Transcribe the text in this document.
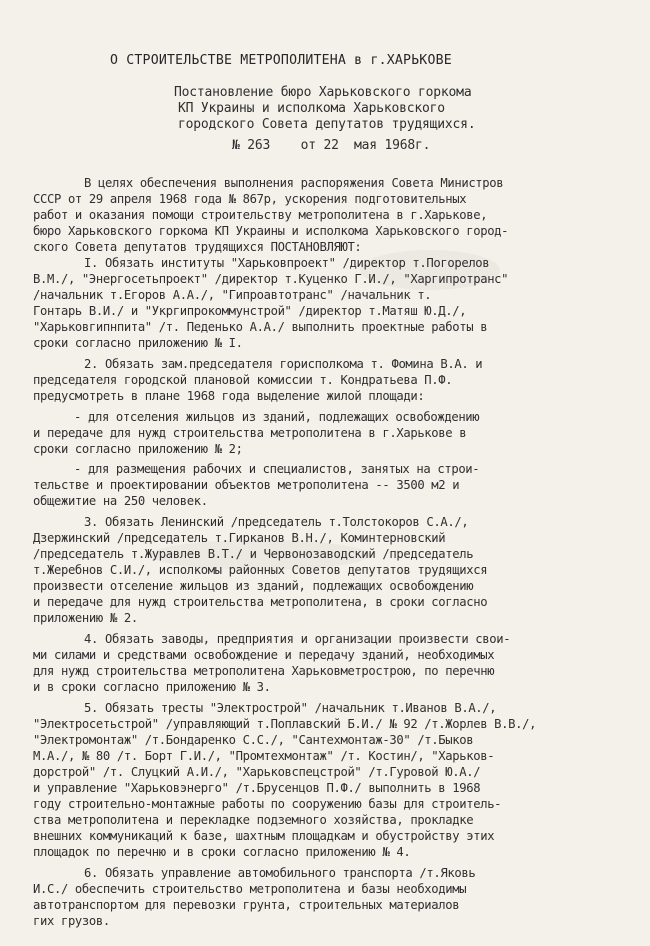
О СТРОИТЕЛЬСТВЕ МЕТРОПОЛИТЕНА в г.ХАРЬКОВЕ
Постановление бюро Харьковского горкома
КП Украины и исполкома Харьковского
городского Совета депутатов трудящихся.
№ 263    от 22  мая 1968г.
В целях обеспечения выполнения распоряжения Совета Министров
СССР от 29 апреля 1968 года № 867р, ускорения подготовительных
работ и оказания помощи строительству метрополитена в г.Харькове,
бюро Харьковского горкома КП Украины и исполкома Харьковского город-
ского Совета депутатов трудящихся ПОСТАНОВЛЯЮТ:
I. Обязать институты "Харьковпроект" /директор т.Погорелов
В.М./, "Энергосетьпроект" /директор т.Куценко Г.И./, "Харгипротранс"
/начальник т.Егоров А.А./, "Гипроавтотранс" /начальник т.
Гонтарь В.И./ и "Укргипрокоммунстрой" /директор т.Матяш Ю.Д./,
"Харьковгипнпита" /т. Педенько А.А./ выполнить проектные работы в
сроки согласно приложению № I.
2. Обязать зам.председателя горисполкома т. Фомина В.А. и
председателя городской плановой комиссии т. Кондратьева П.Ф.
предусмотреть в плане 1968 года выделение жилой площади:
- для отселения жильцов из зданий, подлежащих освобождению
и передаче для нужд строительства метрополитена в г.Харькове в
сроки согласно приложению № 2;
- для размещения рабочих и специалистов, занятых на строи-
тельстве и проектировании объектов метрополитена -- 3500 м2 и
общежитие на 250 человек.
3. Обязать Ленинский /председатель т.Толстокоров С.А./,
Дзержинский /председатель т.Гирканов В.Н./, Коминтерновский
/председатель т.Журавлев В.Т./ и Червонозаводский /председатель
т.Жеребнов С.И./, исполкомы районных Советов депутатов трудящихся
произвести отселение жильцов из зданий, подлежащих освобождению
и передаче для нужд строительства метрополитена, в сроки согласно
приложению № 2.
4. Обязать заводы, предприятия и организации произвести свои-
ми силами и средствами освобождение и передачу зданий, необходимых
для нужд строительства метрополитена Харьковметрострою, по перечню
и в сроки согласно приложению № 3.
5. Обязать тресты "Электрострой" /начальник т.Иванов В.А./,
"Электросетьстрой" /управляющий т.Поплавский Б.И./ № 92 /т.Жорлев В.В./,
"Электромонтаж" /т.Бондаренко С.С./, "Сантехмонтаж-30" /т.Быков
М.А./, № 80 /т. Борт Г.И./, "Промтехмонтаж" /т. Костин/, "Харьков-
дорстрой" /т. Слуцкий А.И./, "Харьковспецстрой" /т.Гуровой Ю.А./
и управление "Харьковэнерго" /т.Брусенцов П.Ф./ выполнить в 1968
году строительно-монтажные работы по сооружению базы для строитель-
ства метрополитена и перекладке подземного хозяйства, прокладке
внешних коммуникаций к базе, шахтным площадкам и обустройству этих
площадок по перечню и в сроки согласно приложению № 4.
6. Обязать управление автомобильного транспорта /т.Яковь
И.С./ обеспечить строительство метрополитена и базы необходимы
автотранспортом для перевозки грунта, строительных материалов
гих грузов.
